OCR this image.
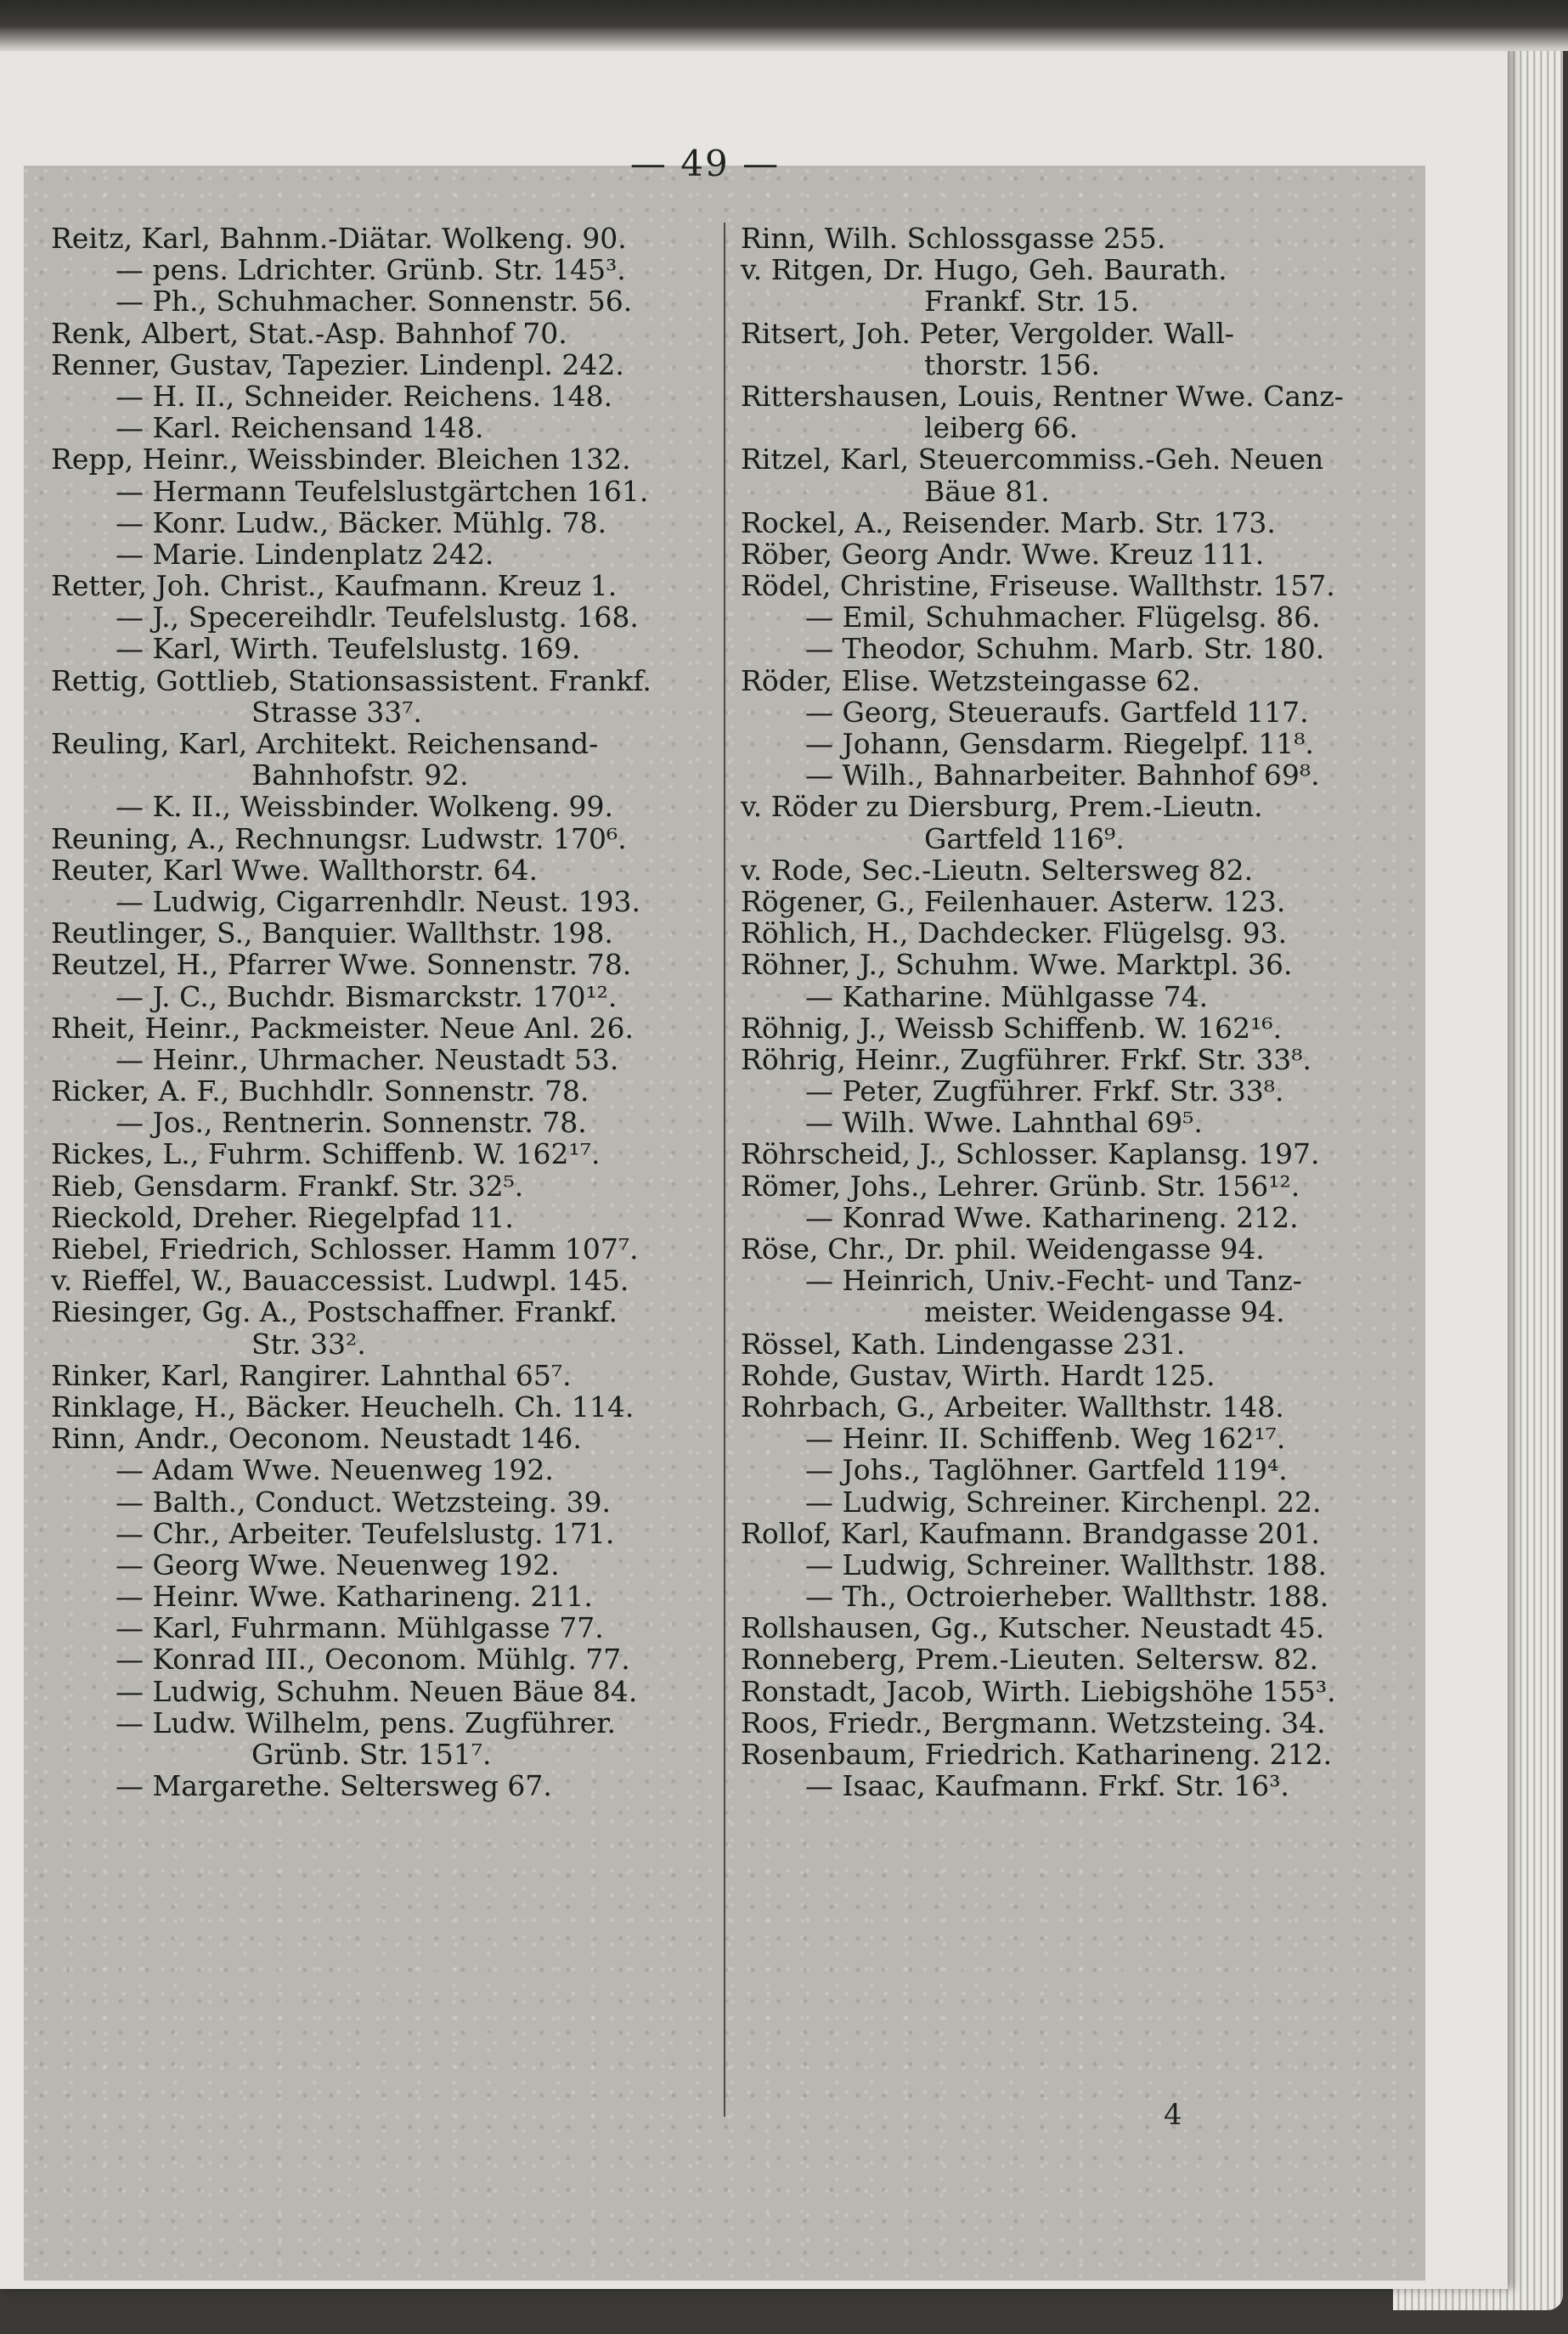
— 49 —
Reitz, Karl, Bahnm.-Diätar. Wolkeng. 90.
— pens. Ldrichter. Grünb. Str. 145³.
— Ph., Schuhmacher. Sonnenstr. 56.
Renk, Albert, Stat.-Asp. Bahnhof 70.
Renner, Gustav, Tapezier. Lindenpl. 242.
— H. II., Schneider. Reichens. 148.
— Karl. Reichensand 148.
Repp, Heinr., Weissbinder. Bleichen 132.
— Hermann Teufelslustgärtchen 161.
— Konr. Ludw., Bäcker. Mühlg. 78.
— Marie. Lindenplatz 242.
Retter, Joh. Christ., Kaufmann. Kreuz 1.
— J., Specereihdlr. Teufelslustg. 168.
— Karl, Wirth. Teufelslustg. 169.
Rettig, Gottlieb, Stationsassistent. Frankf.
Strasse 33⁷.
Reuling, Karl, Architekt. Reichensand-
Bahnhofstr. 92.
— K. II., Weissbinder. Wolkeng. 99.
Reuning, A., Rechnungsr. Ludwstr. 170⁶.
Reuter, Karl Wwe. Wallthorstr. 64.
— Ludwig, Cigarrenhdlr. Neust. 193.
Reutlinger, S., Banquier. Wallthstr. 198.
Reutzel, H., Pfarrer Wwe. Sonnenstr. 78.
— J. C., Buchdr. Bismarckstr. 170¹².
Rheit, Heinr., Packmeister. Neue Anl. 26.
— Heinr., Uhrmacher. Neustadt 53.
Ricker, A. F., Buchhdlr. Sonnenstr. 78.
— Jos., Rentnerin. Sonnenstr. 78.
Rickes, L., Fuhrm. Schiffenb. W. 162¹⁷.
Rieb, Gensdarm. Frankf. Str. 32⁵.
Rieckold, Dreher. Riegelpfad 11.
Riebel, Friedrich, Schlosser. Hamm 107⁷.
v. Rieffel, W., Bauaccessist. Ludwpl. 145.
Riesinger, Gg. A., Postschaffner. Frankf.
Str. 33².
Rinker, Karl, Rangirer. Lahnthal 65⁷.
Rinklage, H., Bäcker. Heuchelh. Ch. 114.
Rinn, Andr., Oeconom. Neustadt 146.
— Adam Wwe. Neuenweg 192.
— Balth., Conduct. Wetzsteing. 39.
— Chr., Arbeiter. Teufelslustg. 171.
— Georg Wwe. Neuenweg 192.
— Heinr. Wwe. Katharineng. 211.
— Karl, Fuhrmann. Mühlgasse 77.
— Konrad III., Oeconom. Mühlg. 77.
— Ludwig, Schuhm. Neuen Bäue 84.
— Ludw. Wilhelm, pens. Zugführer.
Grünb. Str. 151⁷.
— Margarethe. Seltersweg 67.
Rinn, Wilh. Schlossgasse 255.
v. Ritgen, Dr. Hugo, Geh. Baurath.
Frankf. Str. 15.
Ritsert, Joh. Peter, Vergolder. Wall-
thorstr. 156.
Rittershausen, Louis, Rentner Wwe. Canz-
leiberg 66.
Ritzel, Karl, Steuercommiss.-Geh. Neuen
Bäue 81.
Rockel, A., Reisender. Marb. Str. 173.
Röber, Georg Andr. Wwe. Kreuz 111.
Rödel, Christine, Friseuse. Wallthstr. 157.
— Emil, Schuhmacher. Flügelsg. 86.
— Theodor, Schuhm. Marb. Str. 180.
Röder, Elise. Wetzsteingasse 62.
— Georg, Steueraufs. Gartfeld 117.
— Johann, Gensdarm. Riegelpf. 11⁸.
— Wilh., Bahnarbeiter. Bahnhof 69⁸.
v. Röder zu Diersburg, Prem.-Lieutn.
Gartfeld 116⁹.
v. Rode, Sec.-Lieutn. Seltersweg 82.
Rögener, G., Feilenhauer. Asterw. 123.
Röhlich, H., Dachdecker. Flügelsg. 93.
Röhner, J., Schuhm. Wwe. Marktpl. 36.
— Katharine. Mühlgasse 74.
Röhnig, J., Weissb Schiffenb. W. 162¹⁶.
Röhrig, Heinr., Zugführer. Frkf. Str. 33⁸.
— Peter, Zugführer. Frkf. Str. 33⁸.
— Wilh. Wwe. Lahnthal 69⁵.
Röhrscheid, J., Schlosser. Kaplansg. 197.
Römer, Johs., Lehrer. Grünb. Str. 156¹².
— Konrad Wwe. Katharineng. 212.
Röse, Chr., Dr. phil. Weidengasse 94.
— Heinrich, Univ.-Fecht- und Tanz-
meister. Weidengasse 94.
Rössel, Kath. Lindengasse 231.
Rohde, Gustav, Wirth. Hardt 125.
Rohrbach, G., Arbeiter. Wallthstr. 148.
— Heinr. II. Schiffenb. Weg 162¹⁷.
— Johs., Taglöhner. Gartfeld 119⁴.
— Ludwig, Schreiner. Kirchenpl. 22.
Rollof, Karl, Kaufmann. Brandgasse 201.
— Ludwig, Schreiner. Wallthstr. 188.
— Th., Octroierheber. Wallthstr. 188.
Rollshausen, Gg., Kutscher. Neustadt 45.
Ronneberg, Prem.-Lieuten. Seltersw. 82.
Ronstadt, Jacob, Wirth. Liebigshöhe 155³.
Roos, Friedr., Bergmann. Wetzsteing. 34.
Rosenbaum, Friedrich. Katharineng. 212.
— Isaac, Kaufmann. Frkf. Str. 16³.
4
